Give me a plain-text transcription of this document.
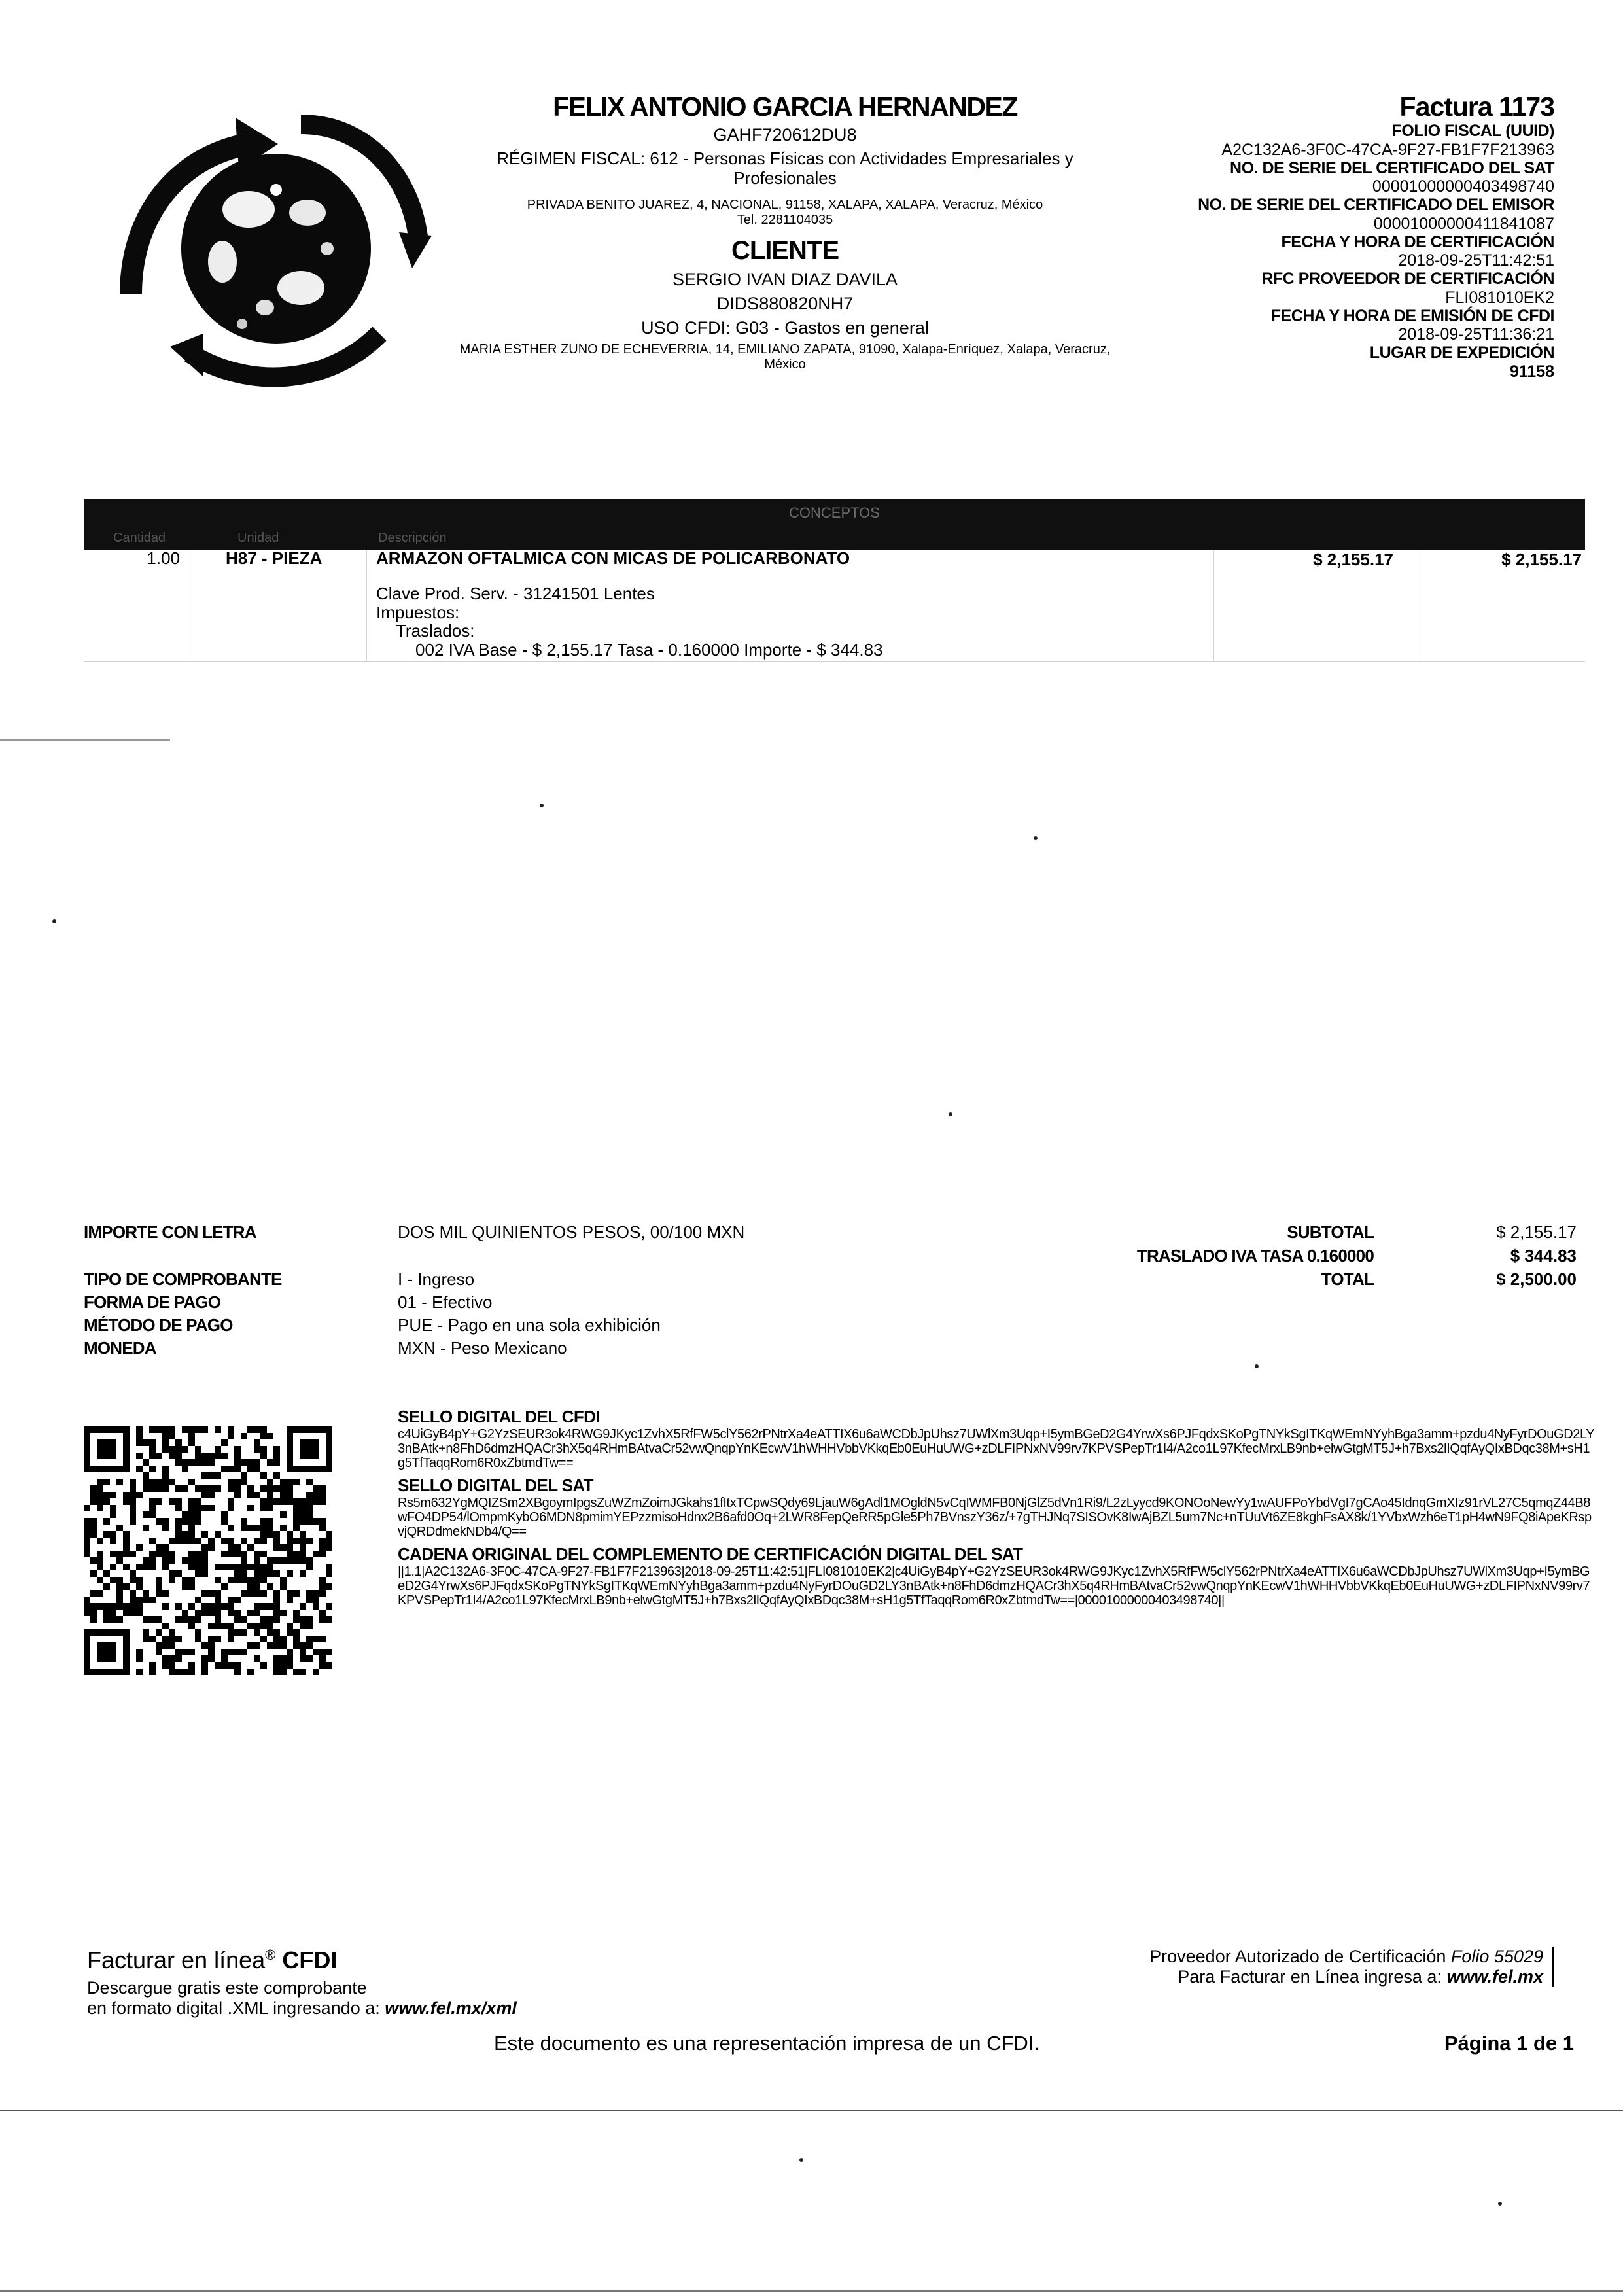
FELIX ANTONIO GARCIA HERNANDEZ
GAHF720612DU8
RÉGIMEN FISCAL: 612 - Personas Físicas con Actividades Empresariales y Profesionales
PRIVADA BENITO JUAREZ, 4, NACIONAL, 91158, XALAPA, XALAPA, Veracruz, México
Tel. 2281104035
CLIENTE
SERGIO IVAN DIAZ DAVILA
DIDS880820NH7
USO CFDI: G03 - Gastos en general
MARIA ESTHER ZUNO DE ECHEVERRIA, 14, EMILIANO ZAPATA, 91090, Xalapa-Enríquez, Xalapa, Veracruz, México
Factura 1173
FOLIO FISCAL (UUID)
A2C132A6-3F0C-47CA-9F27-FB1F7F213963
NO. DE SERIE DEL CERTIFICADO DEL SAT
00001000000403498740
NO. DE SERIE DEL CERTIFICADO DEL EMISOR
00001000000411841087
FECHA Y HORA DE CERTIFICACIÓN
2018-09-25T11:42:51
RFC PROVEEDOR DE CERTIFICACIÓN
FLI081010EK2
FECHA Y HORA DE EMISIÓN DE CFDI
2018-09-25T11:36:21
LUGAR DE EXPEDICIÓN
91158
CONCEPTOS
Cantidad	Unidad	Descripción
1.00	H87 - PIEZA	ARMAZON OFTALMICA CON MICAS DE POLICARBONATO	$ 2,155.17	$ 2,155.17
Clave Prod. Serv. - 31241501 Lentes
Impuestos:
Traslados:
002 IVA Base - $ 2,155.17 Tasa - 0.160000 Importe - $ 344.83
IMPORTE CON LETRA	DOS MIL QUINIENTOS PESOS, 00/100 MXN
TIPO DE COMPROBANTE	I - Ingreso
FORMA DE PAGO	01 - Efectivo
MÉTODO DE PAGO	PUE - Pago en una sola exhibición
MONEDA	MXN - Peso Mexicano
SUBTOTAL	$ 2,155.17
TRASLADO IVA TASA 0.160000	$ 344.83
TOTAL	$ 2,500.00
SELLO DIGITAL DEL CFDI
c4UiGyB4pY+G2YzSEUR3ok4RWG9JKyc1ZvhX5RfFW5clY562rPNtrXa4eATTIX6u6aWCDbJpUhsz7UWlXm3Uqp+I5ymBGeD2G4YrwXs6PJFqdxSKoPgTNYkSgITKqWEmNYyhBga3amm+pzdu4NyFyrDOuGD2LY3nBAtk+n8FhD6dmzHQACr3hX5q4RHmBAtvaCr52vwQnqpYnKEcwV1hWHHVbbVKkqEb0EuHuUWG+zDLFIPNxNV99rv7KPVSPepTr1I4/A2co1L97KfecMrxLB9nb+elwGtgMT5J+h7Bxs2lIQqfAyQIxBDqc38M+sH1g5TfTaqqRom6R0xZbtmdTw==
SELLO DIGITAL DEL SAT
Rs5m632YgMQIZSm2XBgoymIpgsZuWZmZoimJGkahs1fItxTCpwSQdy69LjauW6gAdl1MOgldN5vCqIWMFB0NjGlZ5dVn1Ri9/L2zLyycd9KONOoNewYy1wAUFPoYbdVgI7gCAo45IdnqGmXIz91rVL27C5qmqZ44B8wFO4DP54/lOmpmKybO6MDN8pmimYEPzzmisoHdnx2B6afd0Oq+2LWR8FepQeRR5pGle5Ph7BVnszY36z/+7gTHJNq7SISOvK8IwAjBZL5um7Nc+nTUuVt6ZE8kghFsAX8k/1YVbxWzh6eT1pH4wN9FQ8iApeKRspvjQRDdmekNDb4/Q==
CADENA ORIGINAL DEL COMPLEMENTO DE CERTIFICACIÓN DIGITAL DEL SAT
||1.1|A2C132A6-3F0C-47CA-9F27-FB1F7F213963|2018-09-25T11:42:51|FLI081010EK2|c4UiGyB4pY+G2YzSEUR3ok4RWG9JKyc1ZvhX5RfFW5clY562rPNtrXa4eATTIX6u6aWCDbJpUhsz7UWlXm3Uqp+I5ymBGeD2G4YrwXs6PJFqdxSKoPgTNYkSgITKqWEmNYyhBga3amm+pzdu4NyFyrDOuGD2LY3nBAtk+n8FhD6dmzHQACr3hX5q4RHmBAtvaCr52vwQnqpYnKEcwV1hWHHVbbVKkqEb0EuHuUWG+zDLFIPNxNV99rv7KPVSPepTr1I4/A2co1L97KfecMrxLB9nb+elwGtgMT5J+h7Bxs2lIQqfAyQIxBDqc38M+sH1g5TfTaqqRom6R0xZbtmdTw==|00001000000403498740||
Facturar en línea® CFDI
Descargue gratis este comprobante
en formato digital .XML ingresando a: www.fel.mx/xml
Proveedor Autorizado de Certificación Folio 55029
Para Facturar en Línea ingresa a: www.fel.mx
Este documento es una representación impresa de un CFDI.	Página 1 de 1
